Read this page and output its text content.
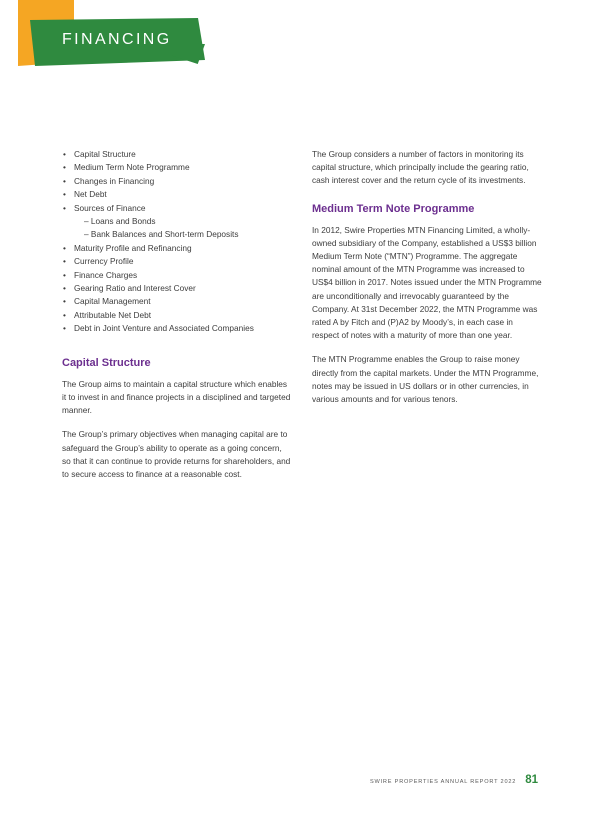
FINANCING
• Capital Structure
• Medium Term Note Programme
• Changes in Financing
• Net Debt
• Sources of Finance
– Loans and Bonds
– Bank Balances and Short-term Deposits
• Maturity Profile and Refinancing
• Currency Profile
• Finance Charges
• Gearing Ratio and Interest Cover
• Capital Management
• Attributable Net Debt
• Debt in Joint Venture and Associated Companies
Capital Structure

The Group aims to maintain a capital structure which enables it to invest in and finance projects in a disciplined and targeted manner.

The Group’s primary objectives when managing capital are to safeguard the Group’s ability to operate as a going concern, so that it can continue to provide returns for shareholders, and to secure access to finance at a reasonable cost.

The Group considers a number of factors in monitoring its capital structure, which principally include the gearing ratio, cash interest cover and the return cycle of its investments.

Medium Term Note Programme

In 2012, Swire Properties MTN Financing Limited, a wholly-owned subsidiary of the Company, established a US$3 billion Medium Term Note (“MTN”) Programme. The aggregate nominal amount of the MTN Programme was increased to US$4 billion in 2017. Notes issued under the MTN Programme are unconditionally and irrevocably guaranteed by the Company. At 31st December 2022, the MTN Programme was rated A by Fitch and (P)A2 by Moody’s, in each case in respect of notes with a maturity of more than one year.

The MTN Programme enables the Group to raise money directly from the capital markets. Under the MTN Programme, notes may be issued in US dollars or in other currencies, in various amounts and for various tenors.

SWIRE PROPERTIES ANNUAL REPORT 2022 81
